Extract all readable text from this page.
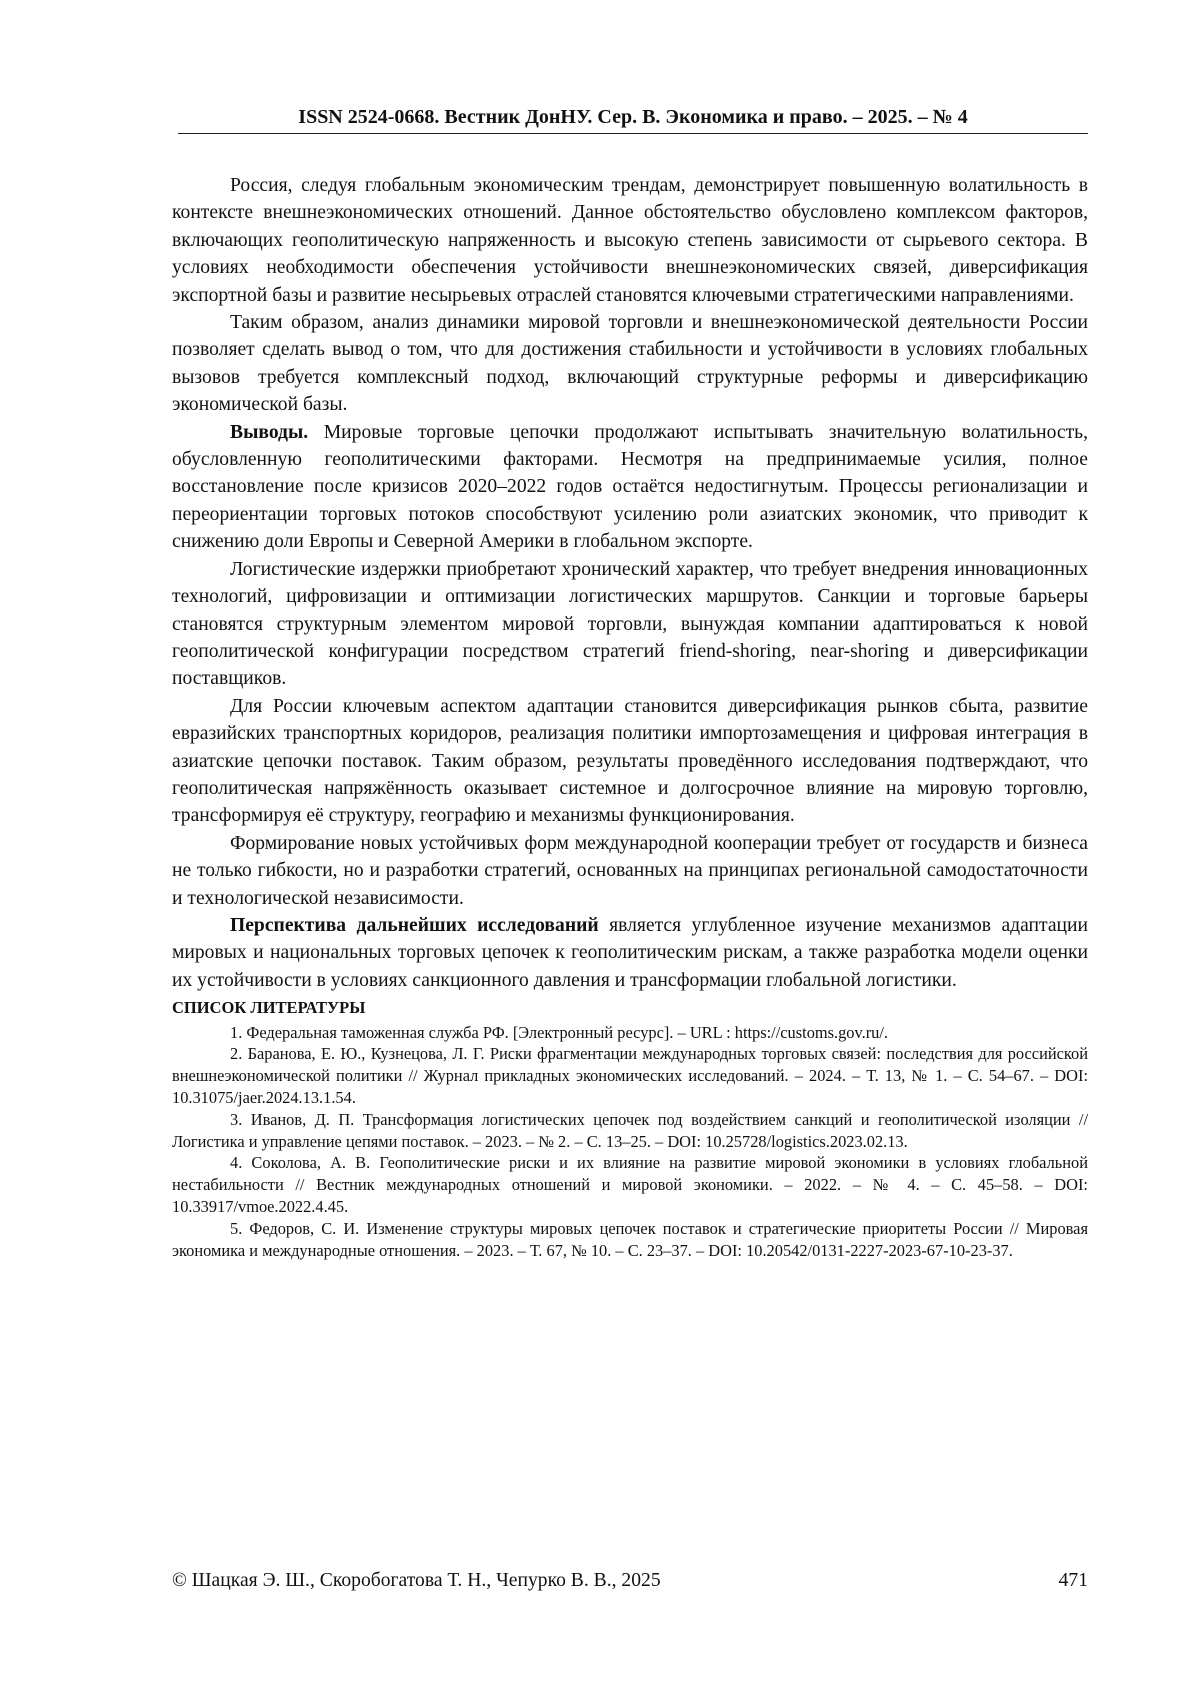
ISSN 2524-0668. Вестник ДонНУ. Сер. В. Экономика и право. – 2025. – № 4

Россия, следуя глобальным экономическим трендам, демонстрирует повышенную волатильность в контексте внешнеэкономических отношений. Данное обстоятельство обусловлено комплексом факторов, включающих геополитическую напряженность и высокую степень зависимости от сырьевого сектора. В условиях необходимости обеспечения устойчивости внешнеэкономических связей, диверсификация экспортной базы и развитие несырьевых отраслей становятся ключевыми стратегическими направлениями.

Таким образом, анализ динамики мировой торговли и внешнеэкономической деятельности России позволяет сделать вывод о том, что для достижения стабильности и устойчивости в условиях глобальных вызовов требуется комплексный подход, включающий структурные реформы и диверсификацию экономической базы.

Выводы. Мировые торговые цепочки продолжают испытывать значительную волатильность, обусловленную геополитическими факторами. Несмотря на предпринимаемые усилия, полное восстановление после кризисов 2020–2022 годов остаётся недостигнутым. Процессы регионализации и переориентации торговых потоков способствуют усилению роли азиатских экономик, что приводит к снижению доли Европы и Северной Америки в глобальном экспорте.

Логистические издержки приобретают хронический характер, что требует внедрения инновационных технологий, цифровизации и оптимизации логистических маршрутов. Санкции и торговые барьеры становятся структурным элементом мировой торговли, вынуждая компании адаптироваться к новой геополитической конфигурации посредством стратегий friend-shoring, near-shoring и диверсификации поставщиков.

Для России ключевым аспектом адаптации становится диверсификация рынков сбыта, развитие евразийских транспортных коридоров, реализация политики импортозамещения и цифровая интеграция в азиатские цепочки поставок. Таким образом, результаты проведённого исследования подтверждают, что геополитическая напряжённость оказывает системное и долгосрочное влияние на мировую торговлю, трансформируя её структуру, географию и механизмы функционирования.

Формирование новых устойчивых форм международной кооперации требует от государств и бизнеса не только гибкости, но и разработки стратегий, основанных на принципах региональной самодостаточности и технологической независимости.

Перспектива дальнейших исследований является углубленное изучение механизмов адаптации мировых и национальных торговых цепочек к геополитическим рискам, а также разработка модели оценки их устойчивости в условиях санкционного давления и трансформации глобальной логистики.

СПИСОК ЛИТЕРАТУРЫ

1. Федеральная таможенная служба РФ. [Электронный ресурс]. – URL : https://customs.gov.ru/.

2. Баранова, Е. Ю., Кузнецова, Л. Г. Риски фрагментации международных торговых связей: последствия для российской внешнеэкономической политики // Журнал прикладных экономических исследований. – 2024. – Т. 13, № 1. – С. 54–67. – DOI: 10.31075/jaer.2024.13.1.54.

3. Иванов, Д. П. Трансформация логистических цепочек под воздействием санкций и геополитической изоляции // Логистика и управление цепями поставок. – 2023. – № 2. – С. 13–25. – DOI: 10.25728/logistics.2023.02.13.

4. Соколова, А. В. Геополитические риски и их влияние на развитие мировой экономики в условиях глобальной нестабильности // Вестник международных отношений и мировой экономики. – 2022. – № 4. – С. 45–58. – DOI: 10.33917/vmoe.2022.4.45.

5. Федоров, С. И. Изменение структуры мировых цепочек поставок и стратегические приоритеты России // Мировая экономика и международные отношения. – 2023. – Т. 67, № 10. – С. 23–37. – DOI: 10.20542/0131-2227-2023-67-10-23-37.

© Шацкая Э. Ш., Скоробогатова Т. Н., Чепурко В. В., 2025	471
